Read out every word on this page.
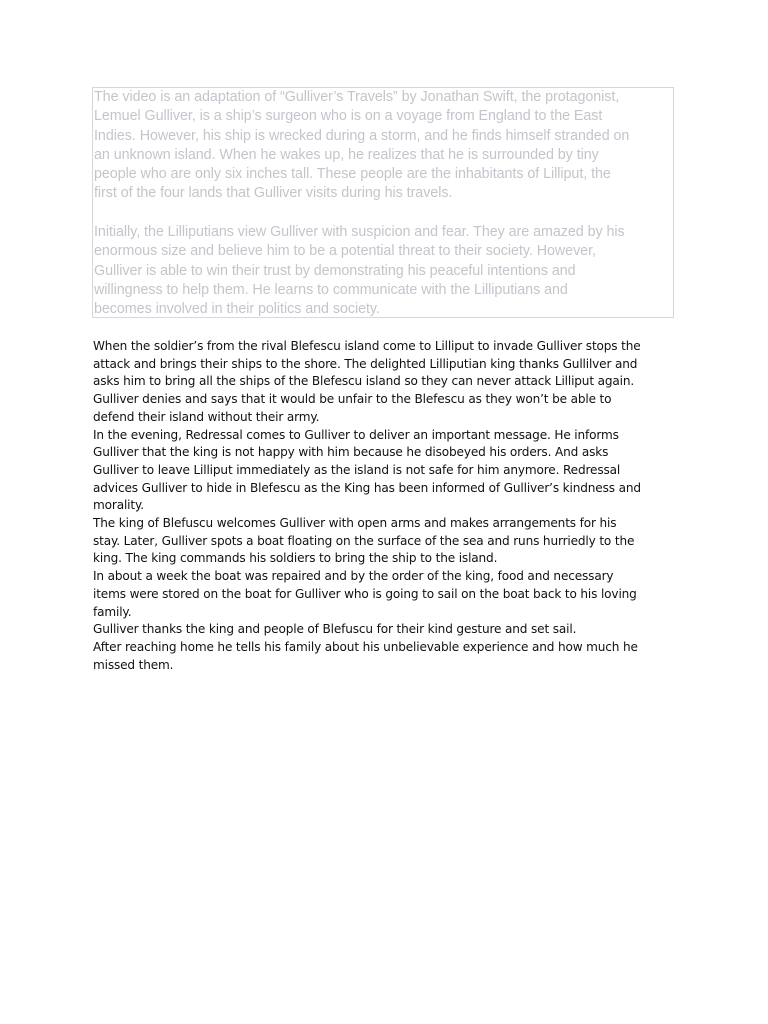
The video is an adaptation of “Gulliver’s Travels” by Jonathan Swift, the protagonist,
Lemuel Gulliver, is a ship’s surgeon who is on a voyage from England to the East
Indies. However, his ship is wrecked during a storm, and he finds himself stranded on
an unknown island. When he wakes up, he realizes that he is surrounded by tiny
people who are only six inches tall. These people are the inhabitants of Lilliput, the
first of the four lands that Gulliver visits during his travels.

Initially, the Lilliputians view Gulliver with suspicion and fear. They are amazed by his
enormous size and believe him to be a potential threat to their society. However,
Gulliver is able to win their trust by demonstrating his peaceful intentions and
willingness to help them. He learns to communicate with the Lilliputians and
becomes involved in their politics and society.

When the soldier’s from the rival Blefescu island come to Lilliput to invade Gulliver stops the

attack and brings their ships to the shore. The delighted Lilliputian king thanks Gullilver and

asks him to bring all the ships of the Blefescu island so they can never attack Lilliput again.

Gulliver denies and says that it would be unfair to the Blefescu as they won’t be able to

defend their island without their army.

In the evening, Redressal comes to Gulliver to deliver an important message. He informs

Gulliver that the king is not happy with him because he disobeyed his orders. And asks

Gulliver to leave Lilliput immediately as the island is not safe for him anymore. Redressal

advices Gulliver to hide in Blefescu as the King has been informed of Gulliver’s kindness and

morality.

The king of Blefuscu welcomes Gulliver with open arms and makes arrangements for his

stay. Later, Gulliver spots a boat floating on the surface of the sea and runs hurriedly to the

king. The king commands his soldiers to bring the ship to the island.

In about a week the boat was repaired and by the order of the king, food and necessary

items were stored on the boat for Gulliver who is going to sail on the boat back to his loving

family.

Gulliver thanks the king and people of Blefuscu for their kind gesture and set sail.

After reaching home he tells his family about his unbelievable experience and how much he

missed them.
